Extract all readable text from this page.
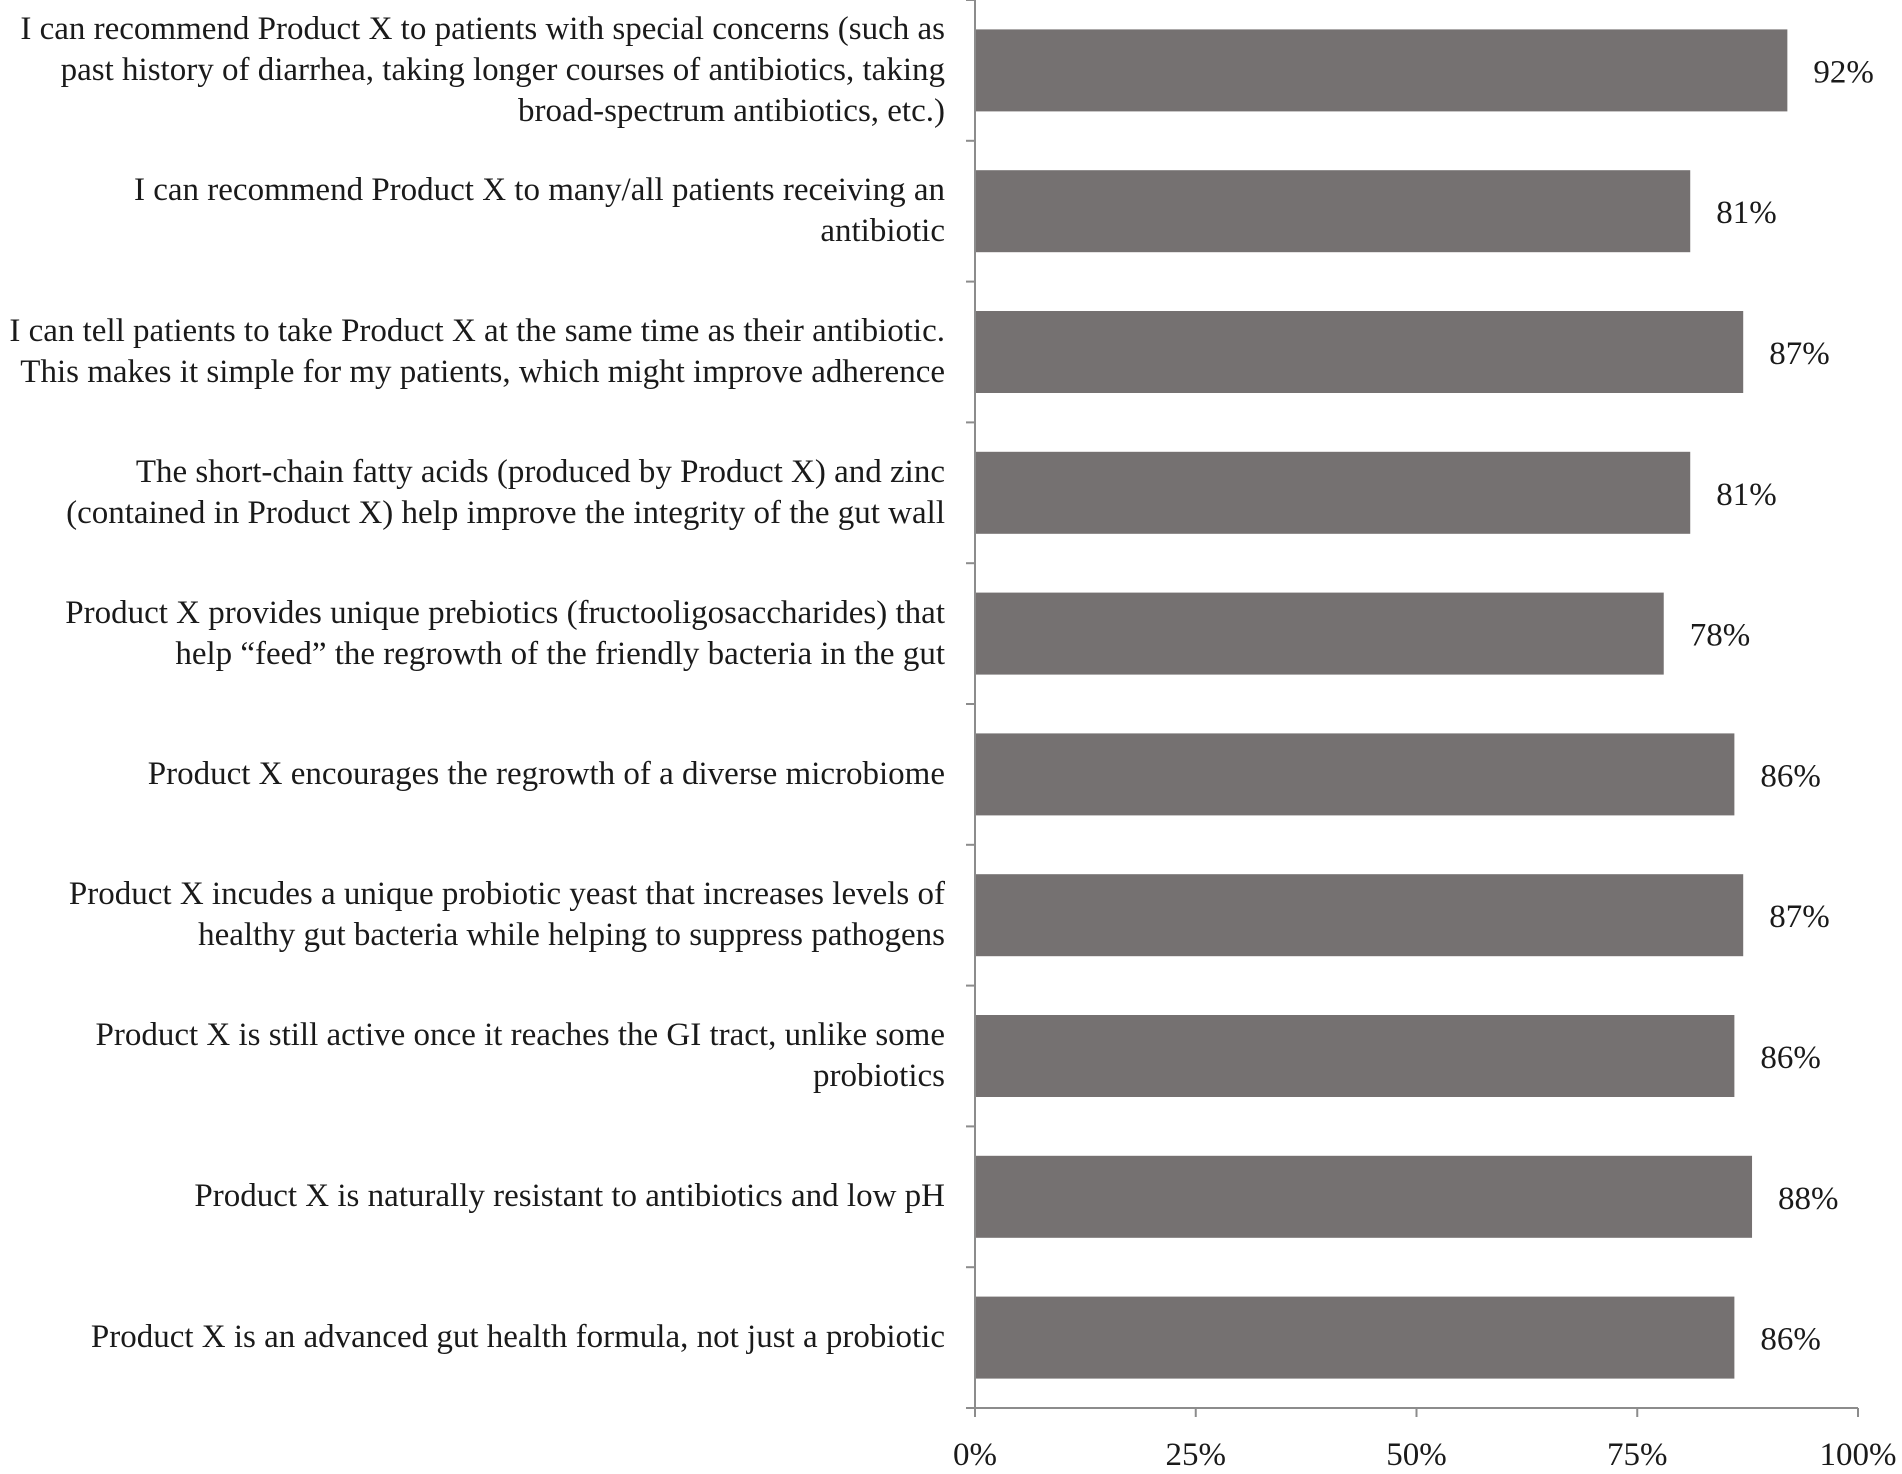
92%
81%
87%
81%
78%
86%
87%
86%
88%
86%
0%	25%	50%	75%	100%
I can recommend Product X to patients with special concerns (such as past history of diarrhea, taking longer courses of antibiotics, taking broad-spectrum antibiotics, etc.)
I can recommend Product X to many/all patients receiving an antibiotic
I can tell patients to take Product X at the same time as their antibiotic. This makes it simple for my patients, which might improve adherence
The short-chain fatty acids (produced by Product X) and zinc (contained in Product X) help improve the integrity of the gut wall
Product X provides unique prebiotics (fructooligosaccharides) that help “feed” the regrowth of the friendly bacteria in the gut
Product X encourages the regrowth of a diverse microbiome
Product X incudes a unique probiotic yeast that increases levels of healthy gut bacteria while helping to suppress pathogens
Product X is still active once it reaches the GI tract, unlike some probiotics
Product X is naturally resistant to antibiotics and low pH
Product X is an advanced gut health formula, not just a probiotic
